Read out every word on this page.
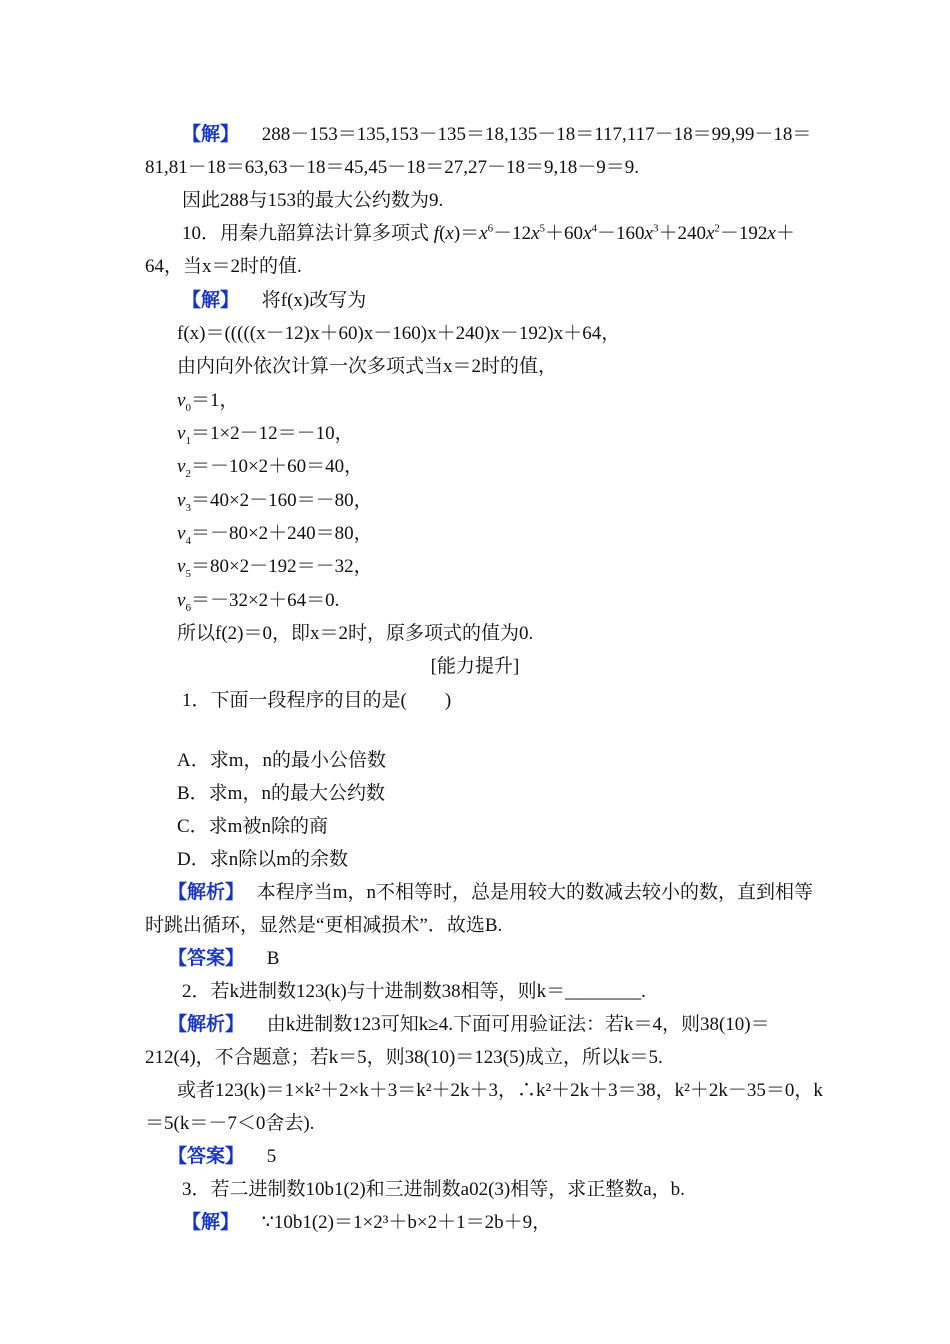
【解】 288－153＝135,153－135＝18,135－18＝117,117－18＝99,99－18＝
81,81－18＝63,63－18＝45,45－18＝27,27－18＝9,18－9＝9.
因此288与153的最大公约数为9.
10．用秦九韶算法计算多项式 $f(x)=x^6-12x^5+60x^4-160x^3+240x^2-192x+$
64，当x＝2时的值.
【解】 将f(x)改写为
f(x)＝(((((x－12)x＋60)x－160)x＋240)x－192)x＋64，
由内向外依次计算一次多项式当x＝2时的值，
$v_0=1$，
$v_1=1\times 2-12=-10$，
$v_2=-10\times 2+60=40$，
$v_3=40\times 2-160=-80$，
$v_4=-80\times 2+240=80$，
$v_5=80\times 2-192=-32$，
$v_6=-32\times 2+64=0$.
所以f(2)＝0，即x＝2时，原多项式的值为0.
[能力提升]
1．下面一段程序的目的是(　　)
A．求m，n的最小公倍数
B．求m，n的最大公约数
C．求m被n除的商
D．求n除以m的余数
【解析】 本程序当m，n不相等时，总是用较大的数减去较小的数，直到相等
时跳出循环，显然是“更相减损术”．故选B.
【答案】 B
2．若k进制数123(k)与十进制数38相等，则k＝________.
【解析】 由k进制数123可知k≥4.下面可用验证法：若k＝4，则38(10)＝
212(4)，不合题意；若k＝5，则38(10)＝123(5)成立，所以k＝5.
或者123(k)＝1×k²＋2×k＋3＝k²＋2k＋3，∴k²＋2k＋3＝38，k²＋2k－35＝0，k
＝5(k＝－7＜0舍去).
【答案】 5
3．若二进制数10b1(2)和三进制数a02(3)相等，求正整数a，b.
【解】 ∵10b1(2)＝1×2³＋b×2＋1＝2b＋9，
